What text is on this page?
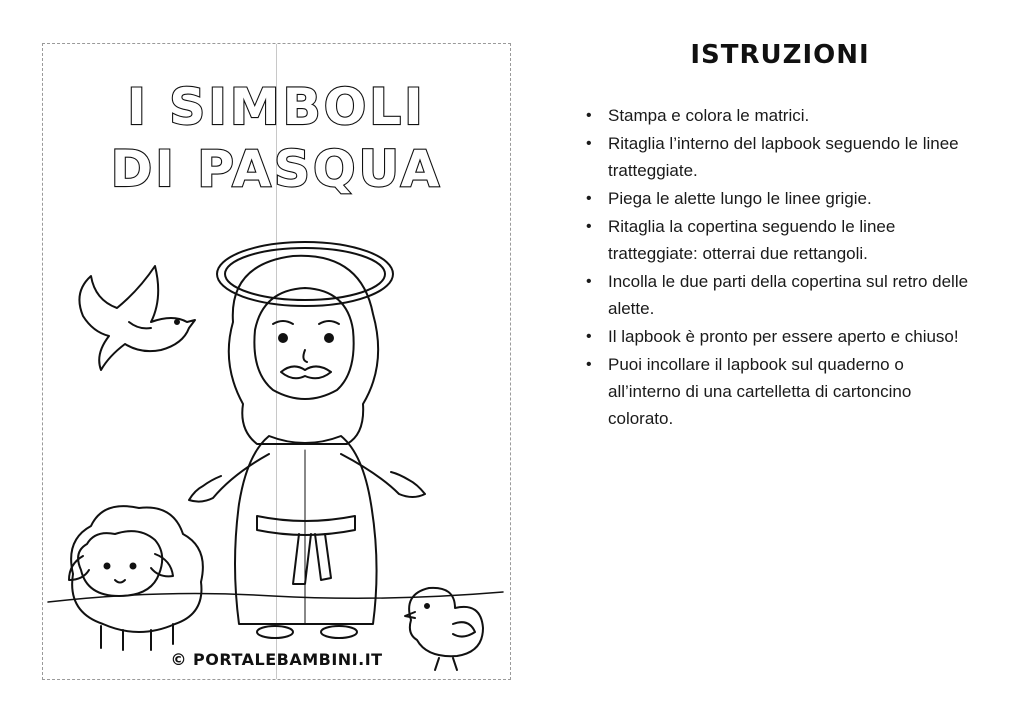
I SIMBOLI
DI PASQUA
© PORTALEBAMBINI.IT
ISTRUZIONI
• Stampa e colora le matrici.
• Ritaglia l’interno del lapbook seguendo le linee tratteggiate.
• Piega le alette lungo le linee grigie.
• Ritaglia la copertina seguendo le linee tratteggiate: otterrai due rettangoli.
• Incolla le due parti della copertina sul retro delle alette.
• Il lapbook è pronto per essere aperto e chiuso!
• Puoi incollare il lapbook sul quaderno o all’interno di una cartelletta di cartoncino colorato.
